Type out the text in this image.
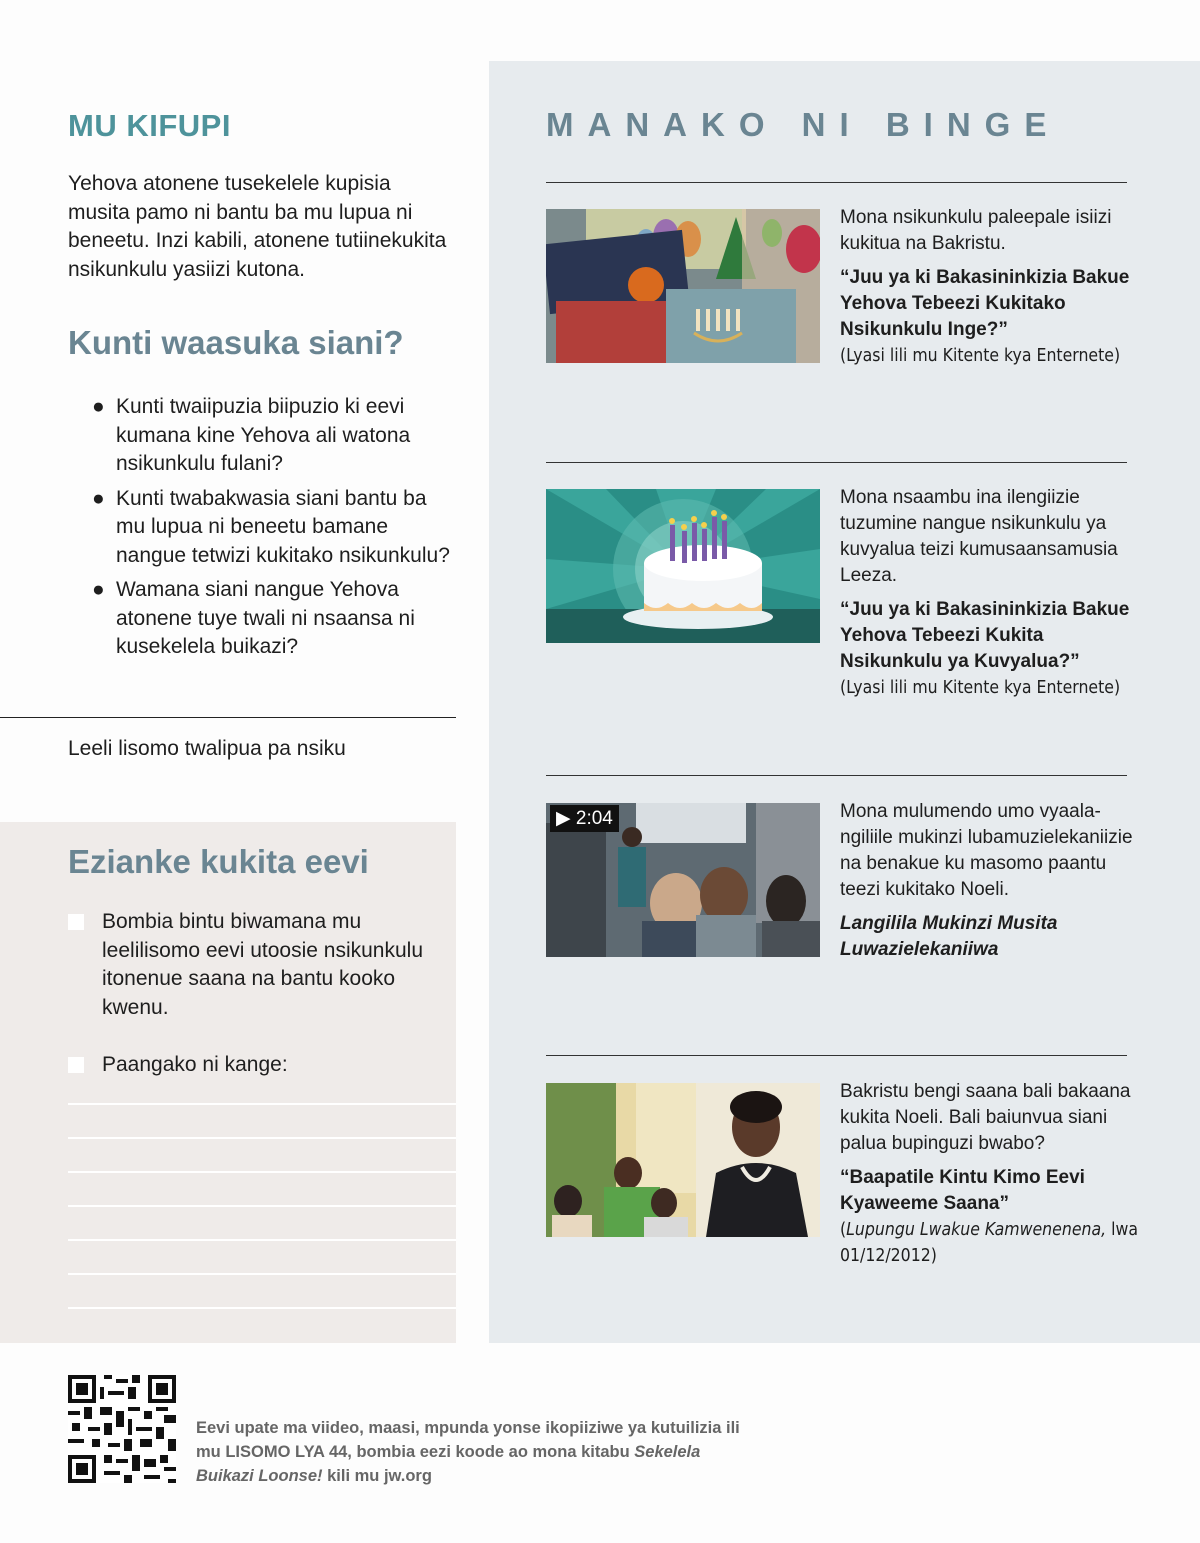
MU KIFUPI

Yehova atonene tusekelele kupisia musita pamo ni bantu ba mu lupua ni beneetu. Inzi kabili, atonene tutiinekukita nsikunkulu yasiizi kutona.

Kunti waasuka siani?
● Kunti twaiipuzia biipuzio ki eevi kumana kine Yehova ali watona nsikunkulu fulani?
● Kunti twabakwasia siani bantu ba mu lupua ni beneetu bamane nangue tetwizi kukitako nsikunkulu?
● Wamana siani nangue Yehova atonene tuye twali ni nsaansa ni kusekelela buikazi?

Leeli lisomo twalipua pa nsiku

Ezianke kukita eevi
Bombia bintu biwamana mu leelilisomo eevi utoosie nsikunkulu itonenue saana na bantu kooko kwenu.
Paangako ni kange:
MANAKO NI BINGE

Mona nsikunkulu paleepale isiizi kukitua na Bakristu.

“Juu ya ki Bakasininkizia Bakue Yehova Tebeezi Kukitako Nsikunkulu Inge?”

(Lyasi lili mu Kitente kya Enternete)

Mona nsaambu ina ilengiizie tuzumine nangue nsikunkulu ya kuvyalua teizi kumusaansamusia Leeza.

“Juu ya ki Bakasininkizia Bakue Yehova Tebeezi Kukita Nsikunkulu ya Kuvyalua?”

(Lyasi lili mu Kitente kya Enternete)

▶ 2:04	Mona mulumendo umo vyaalangiliile mukinzi lubamuzielekaniizie na benakue ku masomo paantu teezi kukitako Noeli.

Langilila Mukinzi Musita Luwazielekaniiwa

Bakristu bengi saana bali bakaana kukita Noeli. Bali baiunvua siani palua bupinguzi bwabo?

“Baapatile Kintu Kimo Eevi Kyaweeme Saana”

(Lupungu Lwakue Kamwenenena, lwa 01/12/2012)

Eevi upate ma viideo, maasi, mpunda yonse ikopiiziwe ya kutuilizia ili mu LISOMO LYA 44, bombia eezi koode ao mona kitabu Sekelela Buikazi Loonse! kili mu jw.org
